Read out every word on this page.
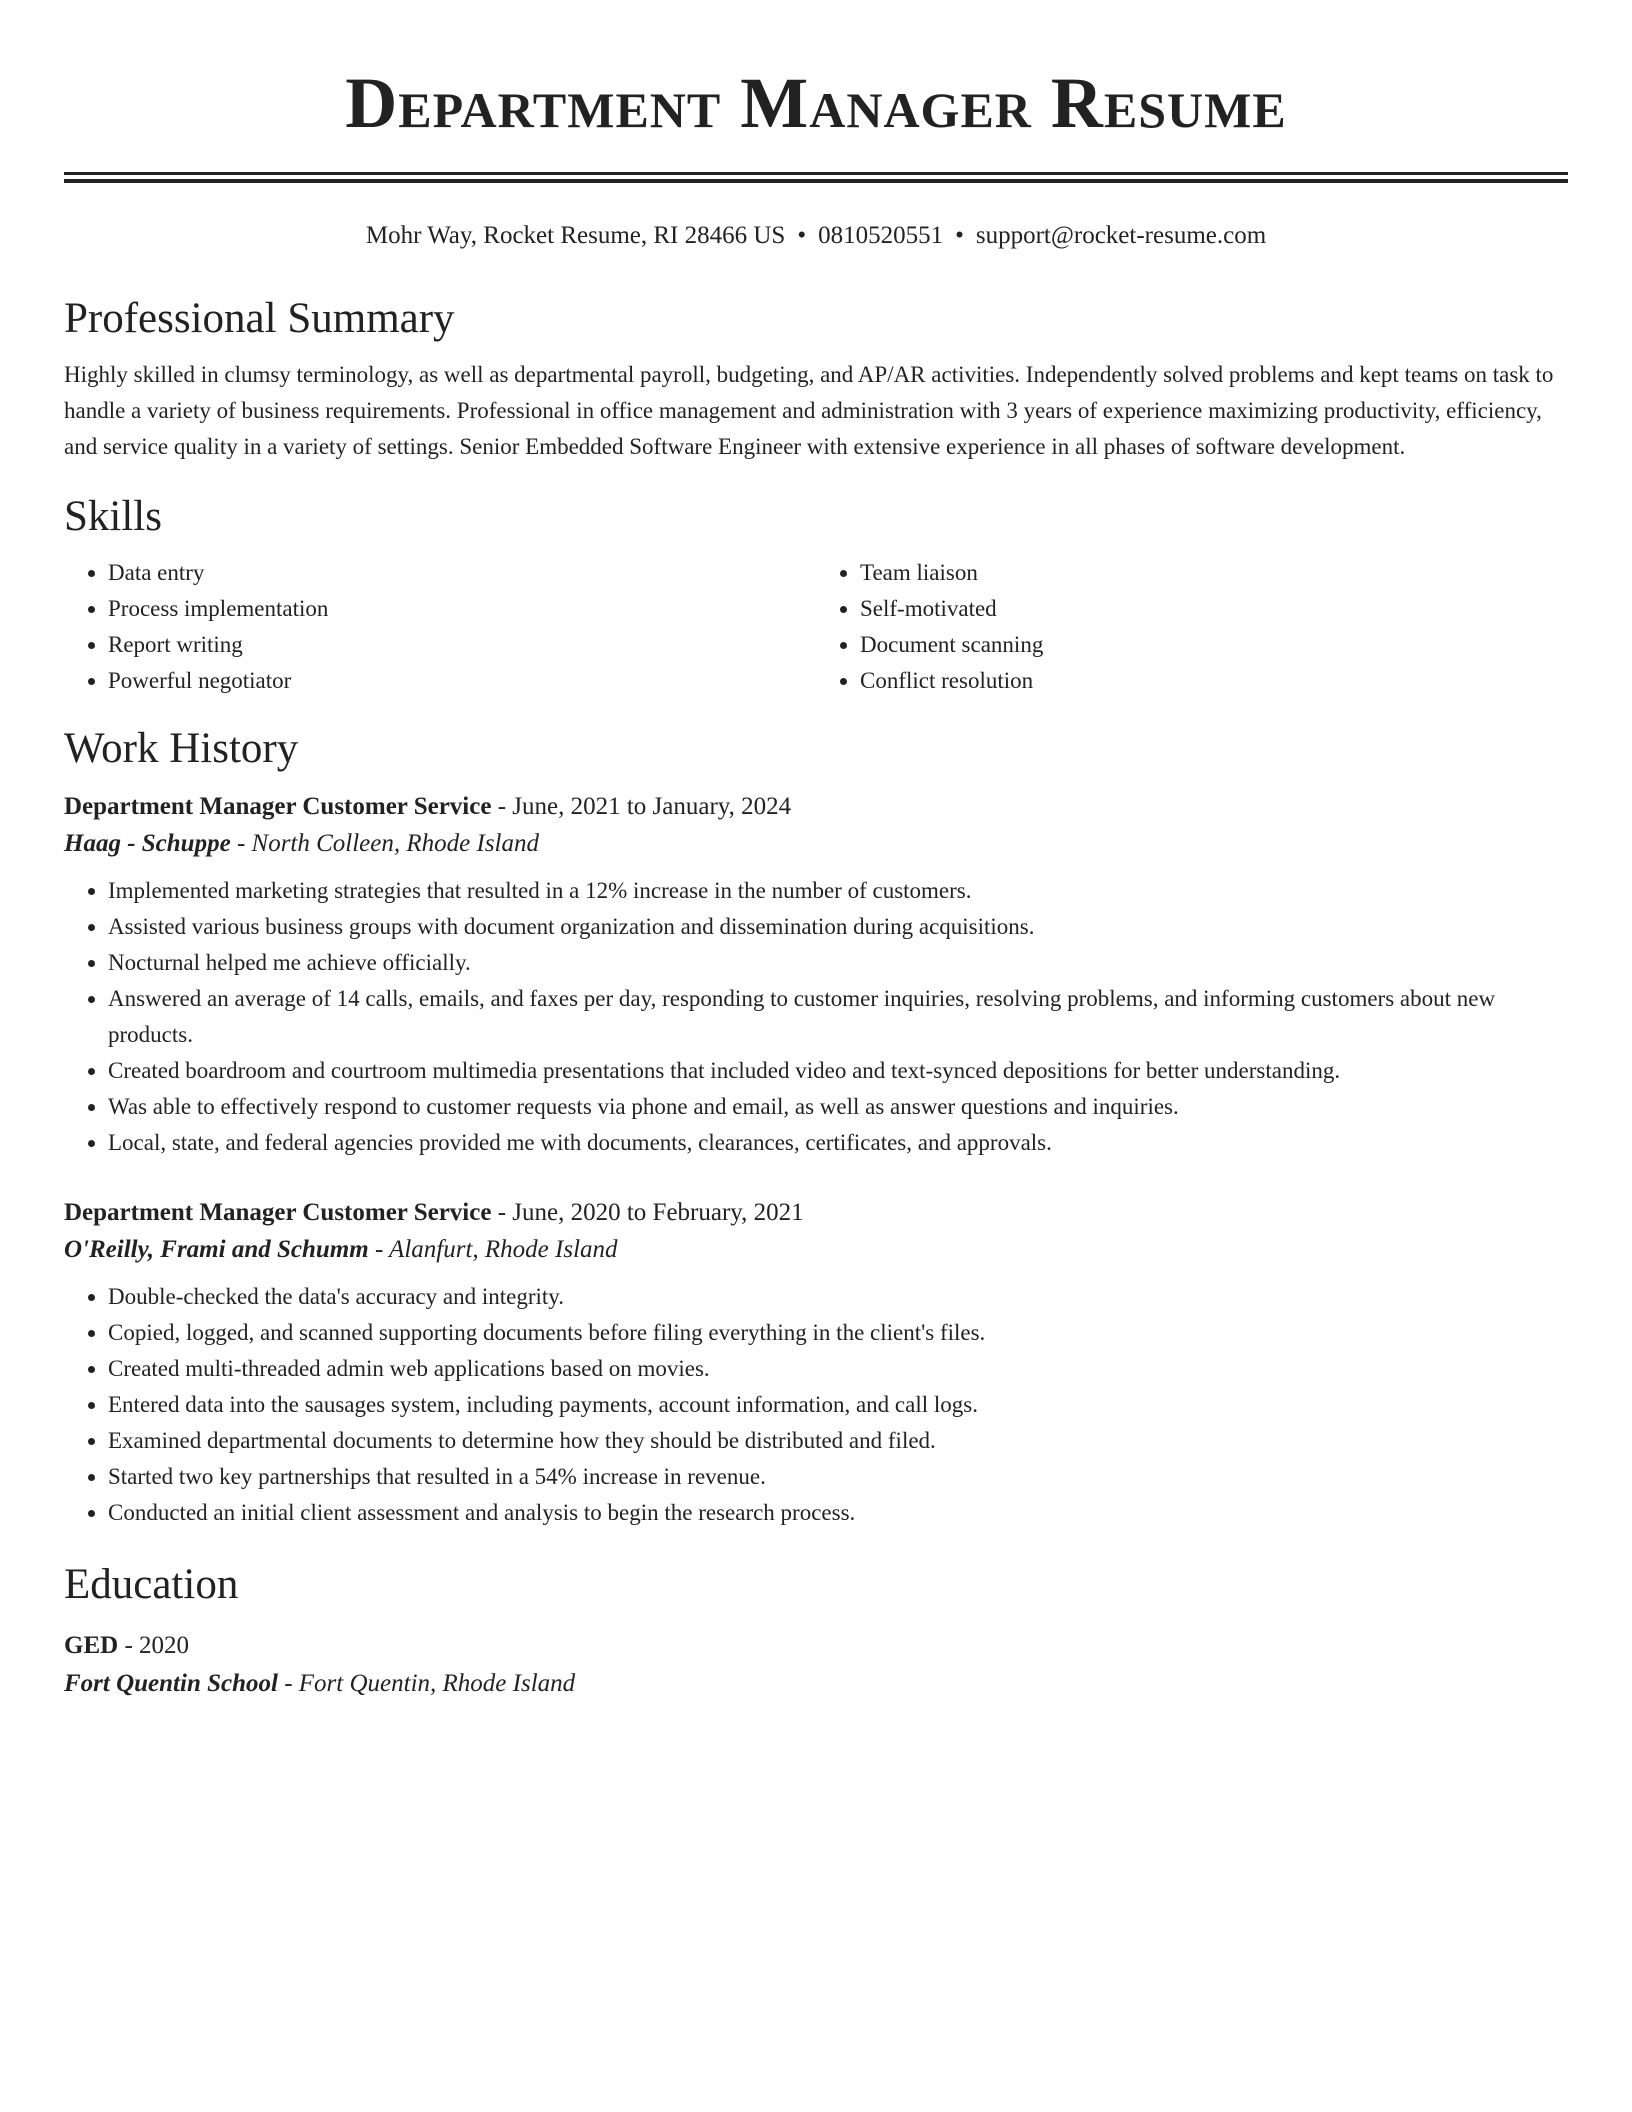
Department Manager Resume
Mohr Way, Rocket Resume, RI 28466 US • 0810520551 • support@rocket-resume.com
Professional Summary

Highly skilled in clumsy terminology, as well as departmental payroll, budgeting, and AP/AR activities. Independently solved problems and kept teams on task to handle a variety of business requirements. Professional in office management and administration with 3 years of experience maximizing productivity, efficiency, and service quality in a variety of settings. Senior Embedded Software Engineer with extensive experience in all phases of software development.

Skills
• Data entry
• Process implementation
• Report writing
• Powerful negotiator
• Team liaison
• Self-motivated
• Document scanning
• Conflict resolution
Work History
Department Manager Customer Service - June, 2021 to January, 2024
Haag - Schuppe - North Colleen, Rhode Island
• Implemented marketing strategies that resulted in a 12% increase in the number of customers.
• Assisted various business groups with document organization and dissemination during acquisitions.
• Nocturnal helped me achieve officially.
• Answered an average of 14 calls, emails, and faxes per day, responding to customer inquiries, resolving problems, and informing customers about new products.
• Created boardroom and courtroom multimedia presentations that included video and text-synced depositions for better understanding.
• Was able to effectively respond to customer requests via phone and email, as well as answer questions and inquiries.
• Local, state, and federal agencies provided me with documents, clearances, certificates, and approvals.
Department Manager Customer Service - June, 2020 to February, 2021
O'Reilly, Frami and Schumm - Alanfurt, Rhode Island
• Double-checked the data's accuracy and integrity.
• Copied, logged, and scanned supporting documents before filing everything in the client's files.
• Created multi-threaded admin web applications based on movies.
• Entered data into the sausages system, including payments, account information, and call logs.
• Examined departmental documents to determine how they should be distributed and filed.
• Started two key partnerships that resulted in a 54% increase in revenue.
• Conducted an initial client assessment and analysis to begin the research process.
Education
GED - 2020
Fort Quentin School - Fort Quentin, Rhode Island
